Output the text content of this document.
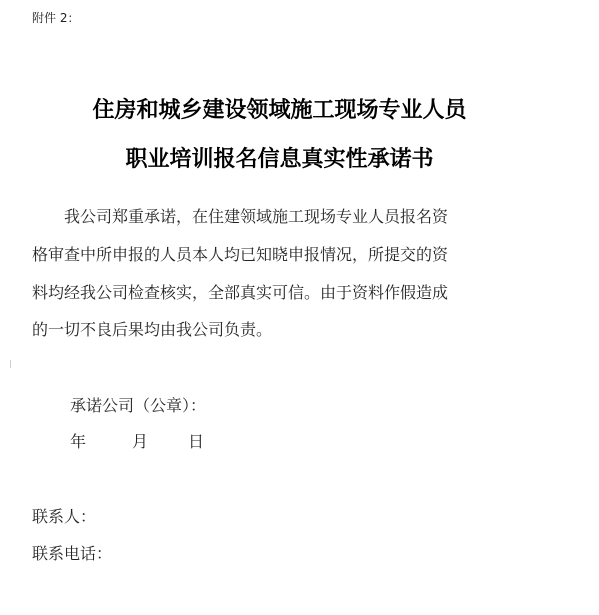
附件 2：
住房和城乡建设领域施工现场专业人员
职业培训报名信息真实性承诺书
我公司郑重承诺，在住建领域施工现场专业人员报名资
格审查中所申报的人员本人均已知晓申报情况，所提交的资
料均经我公司检查核实，全部真实可信。由于资料作假造成
的一切不良后果均由我公司负责。
承诺公司（公章）：
年	月	日
联系人：
联系电话：
